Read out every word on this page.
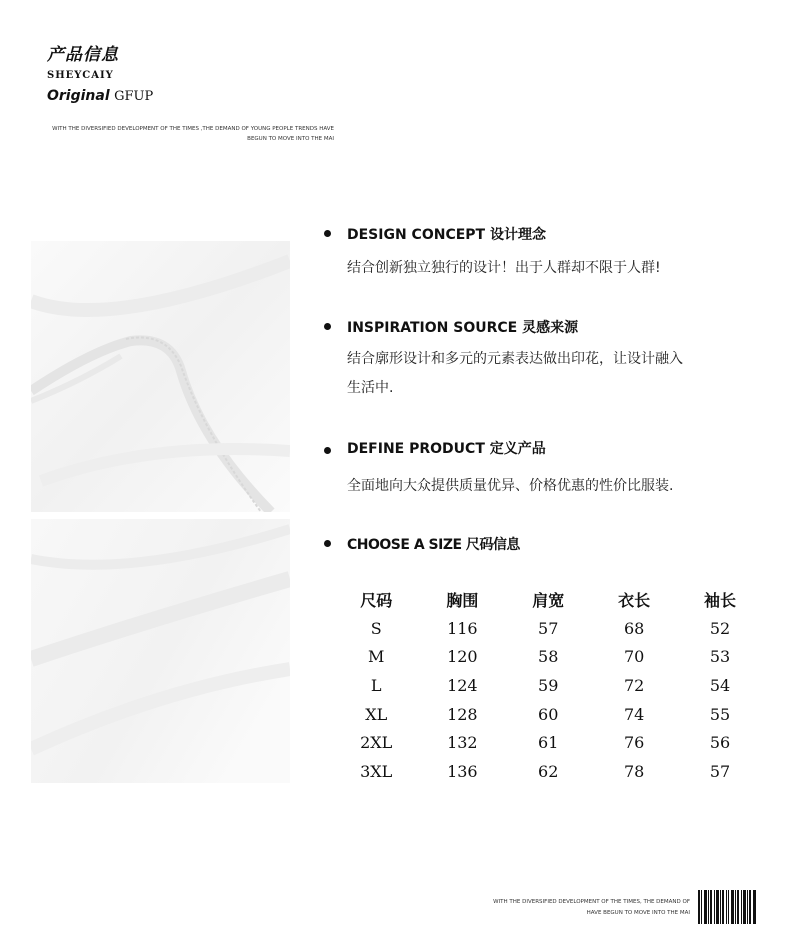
产品信息
SHEYCAIY
Original GFUP
WITH THE DIVERSIFIED DEVELOPMENT OF THE TIMES ,THE DEMAND OF YOUNG PEOPLE TRENDS HAVE
BEGUN TO MOVE INTO THE MAI
DESIGN CONCEPT 设计理念
结合创新独立独行的设计！出于人群却不限于人群!
INSPIRATION SOURCE 灵感来源
结合廓形设计和多元的元素表达做出印花，让设计融入
生活中.
DEFINE PRODUCT 定义产品
全面地向大众提供质量优异、价格优惠的性价比服装.
CHOOSE A SIZE 尺码信息
尺码	胸围	肩宽	衣长	袖长
S	116	57	68	52
M	120	58	70	53
L	124	59	72	54
XL	128	60	74	55
2XL	132	61	76	56
3XL	136	62	78	57
WITH THE DIVERSIFIED DEVELOPMENT OF THE TIMES, THE DEMAND OF
HAVE BEGUN TO MOVE INTO THE MAI
